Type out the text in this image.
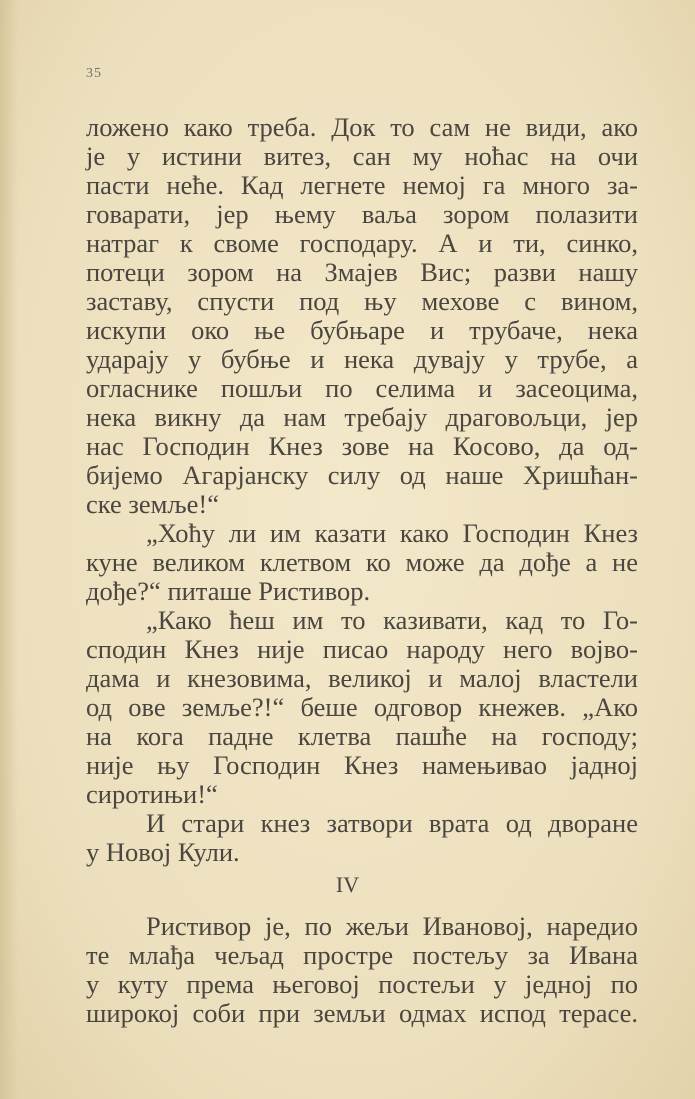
35
ложено како треба. Док то сам не види, ако
је у истини витез, сан му ноћас на очи
пасти неће. Кад легнете немој га много за-
говарати, јер њему ваља зором полазити
натраг к своме господару. А и ти, синко,
потеци зором на Змајев Вис; разви нашу
заставу, спусти под њу мехове с вином,
искупи око ње бубњаре и трубаче, нека
ударају у бубње и нека дувају у трубе, а
огласнике пошљи по селима и засеоцима,
нека викну да нам требају драговољци, јер
нас Господин Кнез зове на Косово, да од-
бијемо Агарјанску силу од наше Хришћан-
ске земље!“
„Хоћу ли им казати како Господин Кнез
куне великом клетвом ко може да дође а не
дође?“ питаше Ристивор.
„Како ћеш им то казивати, кад то Го-
сподин Кнез није писао народу него војво-
дама и кнезовима, великој и малој властели
од ове земље?!“ беше одговор кнежев. „Ако
на кога падне клетва пашће на господу;
није њу Господин Кнез намењивао јадној
сиротињи!“
И стари кнез затвори врата од дворане
у Новој Кули.
IV
Ристивор је, по жељи Ивановој, наредио
те млађа чељад простре постељу за Ивана
у куту према његовој постељи у једној по
широкој соби при земљи одмах испод терасе.
